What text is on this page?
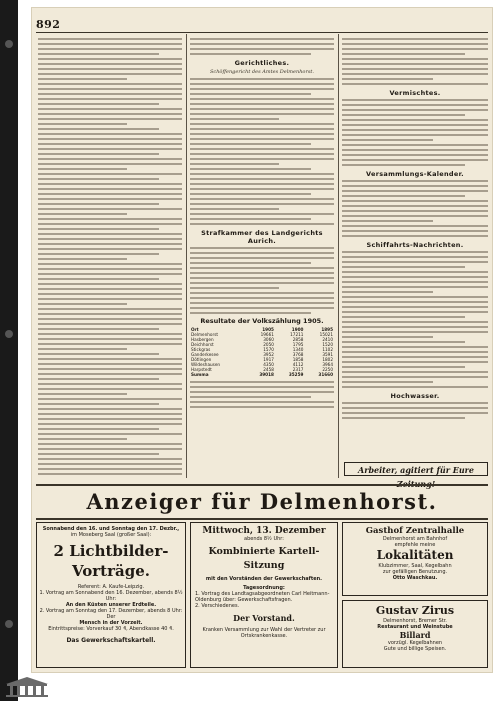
892
Gerichtliches.
Schöffengericht des Amtes Delmenhorst.
Strafkammer des Landgerichts Aurich.
Resultate der Volkszählung 1905.
Ort	1905	1900	1895
Delmenhorst	19661	17211	15021
Hasbergen	3060	2858	2410
Deichhorst	2050	1795	1520
Stickgras	1570	1340	1102
Ganderkesee	3952	3768	3591
Dötlingen	1917	1858	1802
Wildeshausen	4350	4112	3964
Harpstedt	2458	2317	2250
Summa	39018	35259	31660
Vermischtes.
Versammlungs-Kalender.
Schiffahrts-Nachrichten.
Hochwasser.
Arbeiter, agitiert für Eure
Anzeiger für Delmenhorst.
Sonnabend den 16. und Sonntag den 17. Dezbr.,
im Moseberg Saal (großer Saal):
2 Lichtbilder-Vorträge.
Referent: A. Kaufe-Leipzig.
1. Vortrag am Sonnabend den 16. Dezember, abends 8½ Uhr:
An den Küsten unserer Erdteile.
2. Vortrag am Sonntag den 17. Dezember, abends 8 Uhr: Der
Mensch in der Vorzeit.
Eintrittspreise: Vorverkauf 30 ₰, Abendkasse 40 ₰.
Das Gewerkschaftskartell.
Mittwoch, 13. Dezember
abends 8½ Uhr:
Kombinierte Kartell-Sitzung
mit den Vorständen der Gewerkschaften.
Tagesordnung:
1. Vortrag des Landtagsabgeordneten Carl Heitmann-Oldenburg über: Gewerkschaftsfragen.
2. Verschiedenes.
Der Vorstand.
Kranken Versammlung zur Wahl der Vertreter zur Ortskrankenkasse.
Gasthof Zentralhalle
Delmenhorst am Bahnhof
empfehle meine
Lokalitäten
Klubzimmer, Saal, Kegelbahn
zur gefälligen Benutzung.
Otto Waschkau.
Gustav Zirus
Delmenhorst, Bremer Str.
Restaurant und Weinstube
Billard
vorzügl. Kegelbahnen
Gute und billige Speisen.
